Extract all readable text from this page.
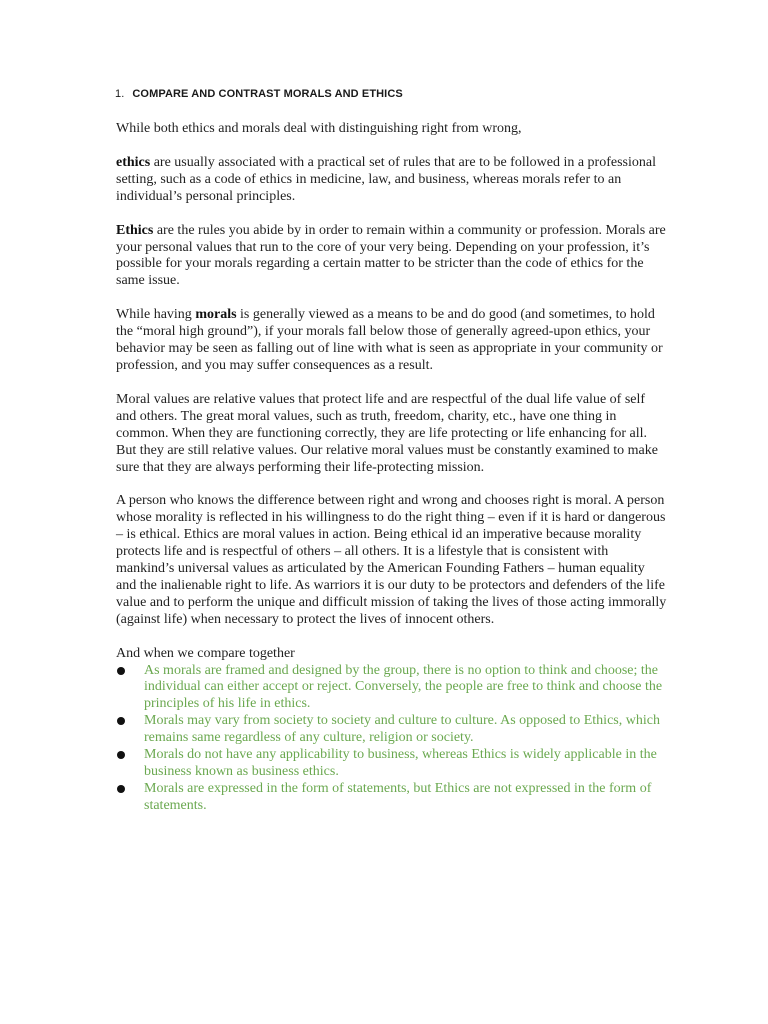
1. COMPARE AND CONTRAST MORALS AND ETHICS

While both ethics and morals deal with distinguishing right from wrong,

ethics are usually associated with a practical set of rules that are to be followed in a professional setting, such as a code of ethics in medicine, law, and business, whereas morals refer to an individual’s personal principles.

Ethics are the rules you abide by in order to remain within a community or profession. Morals are your personal values that run to the core of your very being. Depending on your profession, it’s possible for your morals regarding a certain matter to be stricter than the code of ethics for the same issue.

While having morals is generally viewed as a means to be and do good (and sometimes, to hold the “moral high ground”), if your morals fall below those of generally agreed-upon ethics, your behavior may be seen as falling out of line with what is seen as appropriate in your community or profession, and you may suffer consequences as a result.

Moral values are relative values that protect life and are respectful of the dual life value of self and others. The great moral values, such as truth, freedom, charity, etc., have one thing in common. When they are functioning correctly, they are life protecting or life enhancing for all. But they are still relative values. Our relative moral values must be constantly examined to make sure that they are always performing their life-protecting mission.

A person who knows the difference between right and wrong and chooses right is moral. A person whose morality is reflected in his willingness to do the right thing – even if it is hard or dangerous – is ethical. Ethics are moral values in action. Being ethical id an imperative because morality protects life and is respectful of others – all others. It is a lifestyle that is consistent with mankind’s universal values as articulated by the American Founding Fathers – human equality and the inalienable right to life. As warriors it is our duty to be protectors and defenders of the life value and to perform the unique and difficult mission of taking the lives of those acting immorally (against life) when necessary to protect the lives of innocent others.

And when we compare together

As morals are framed and designed by the group, there is no option to think and choose; the individual can either accept or reject. Conversely, the people are free to think and choose the principles of his life in ethics.
Morals may vary from society to society and culture to culture. As opposed to Ethics, which remains same regardless of any culture, religion or society.
Morals do not have any applicability to business, whereas Ethics is widely applicable in the business known as business ethics.
Morals are expressed in the form of statements, but Ethics are not expressed in the form of statements.
